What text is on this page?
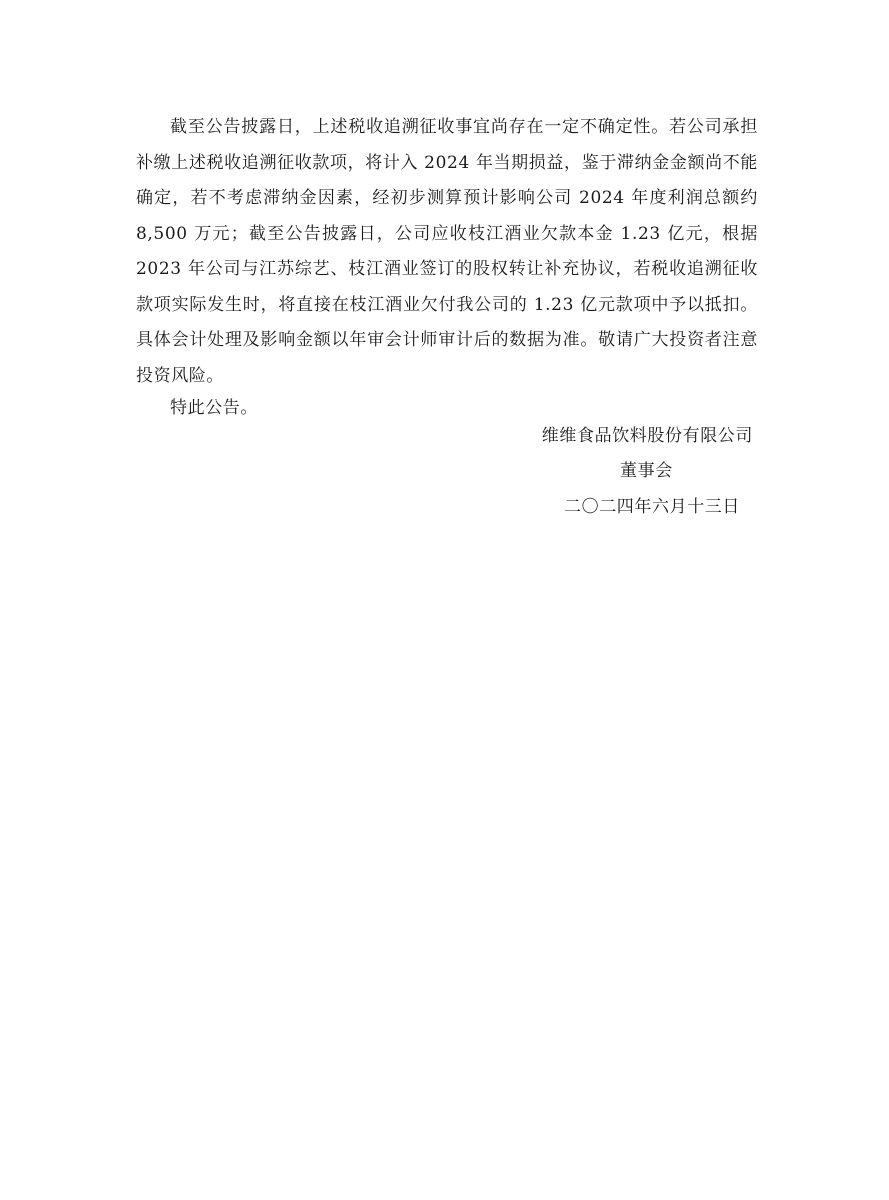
截至公告披露日，上述税收追溯征收事宜尚存在一定不确定性。若公司承担补缴上述税收追溯征收款项，将计入 2024 年当期损益，鉴于滞纳金金额尚不能确定，若不考虑滞纳金因素，经初步测算预计影响公司 2024 年度利润总额约 8,500 万元；截至公告披露日，公司应收枝江酒业欠款本金 1.23 亿元，根据 2023 年公司与江苏综艺、枝江酒业签订的股权转让补充协议，若税收追溯征收款项实际发生时，将直接在枝江酒业欠付我公司的 1.23 亿元款项中予以抵扣。具体会计处理及影响金额以年审会计师审计后的数据为准。敬请广大投资者注意投资风险。

特此公告。

维维食品饮料股份有限公司

董事会

二〇二四年六月十三日
